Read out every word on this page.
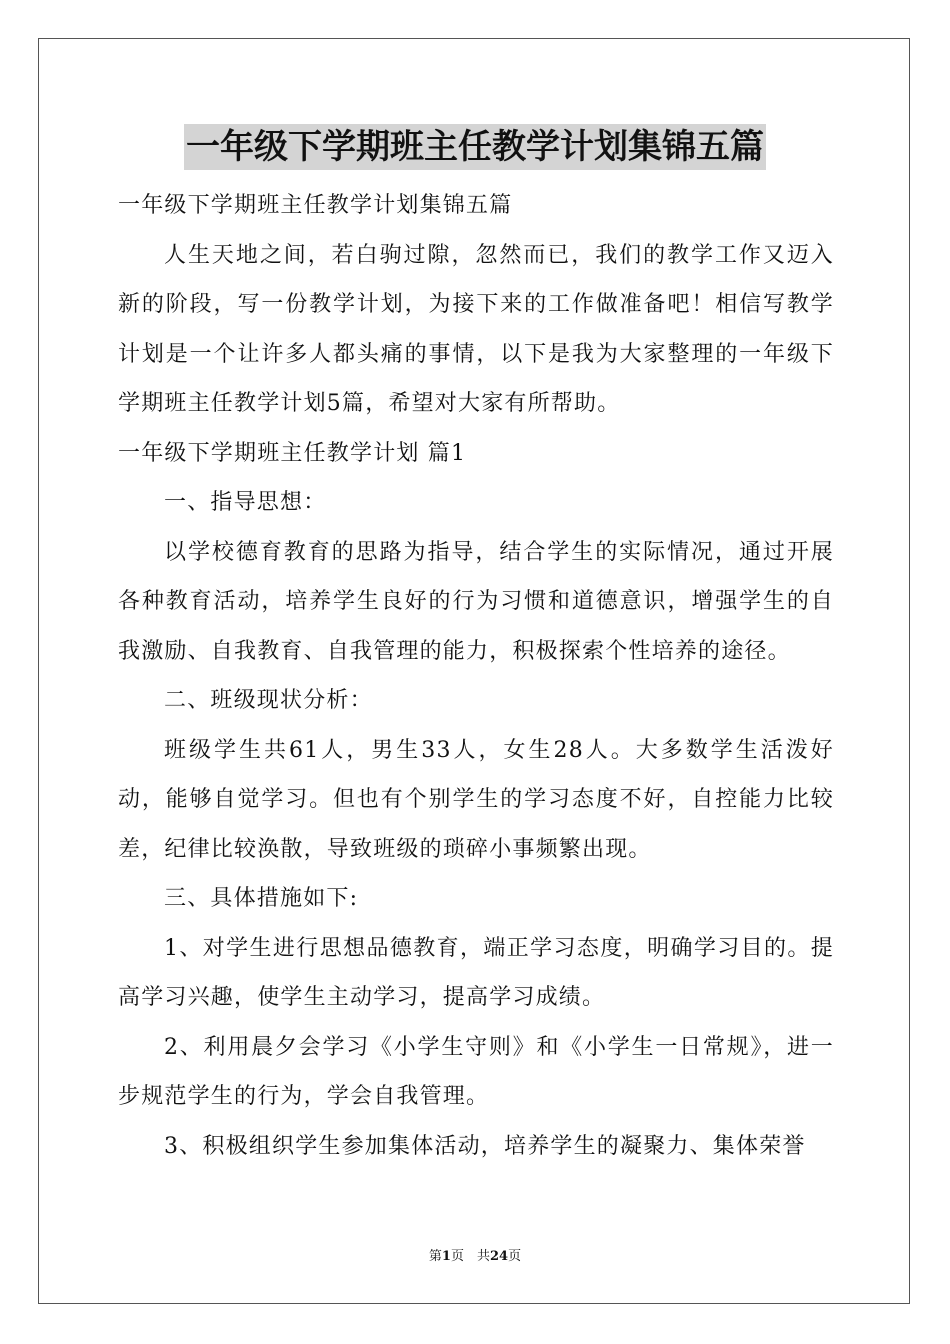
一年级下学期班主任教学计划集锦五篇

一年级下学期班主任教学计划集锦五篇

人生天地之间，若白驹过隙，忽然而已，我们的教学工作又迈入新的阶段，写一份教学计划，为接下来的工作做准备吧！相信写教学计划是一个让许多人都头痛的事情，以下是我为大家整理的一年级下学期班主任教学计划5篇，希望对大家有所帮助。

一年级下学期班主任教学计划 篇1

一、指导思想：

以学校德育教育的思路为指导，结合学生的实际情况，通过开展各种教育活动，培养学生良好的行为习惯和道德意识，增强学生的自我激励、自我教育、自我管理的能力，积极探索个性培养的途径。

二、班级现状分析：

班级学生共61人，男生33人，女生28人。大多数学生活泼好动，能够自觉学习。但也有个别学生的学习态度不好，自控能力比较差，纪律比较涣散，导致班级的琐碎小事频繁出现。

三、具体措施如下:

1、对学生进行思想品德教育，端正学习态度，明确学习目的。提高学习兴趣，使学生主动学习，提高学习成绩。

2、利用晨夕会学习《小学生守则》和《小学生一日常规》，进一步规范学生的行为，学会自我管理。

3、积极组织学生参加集体活动，培养学生的凝聚力、集体荣誉

第1页　共24页
